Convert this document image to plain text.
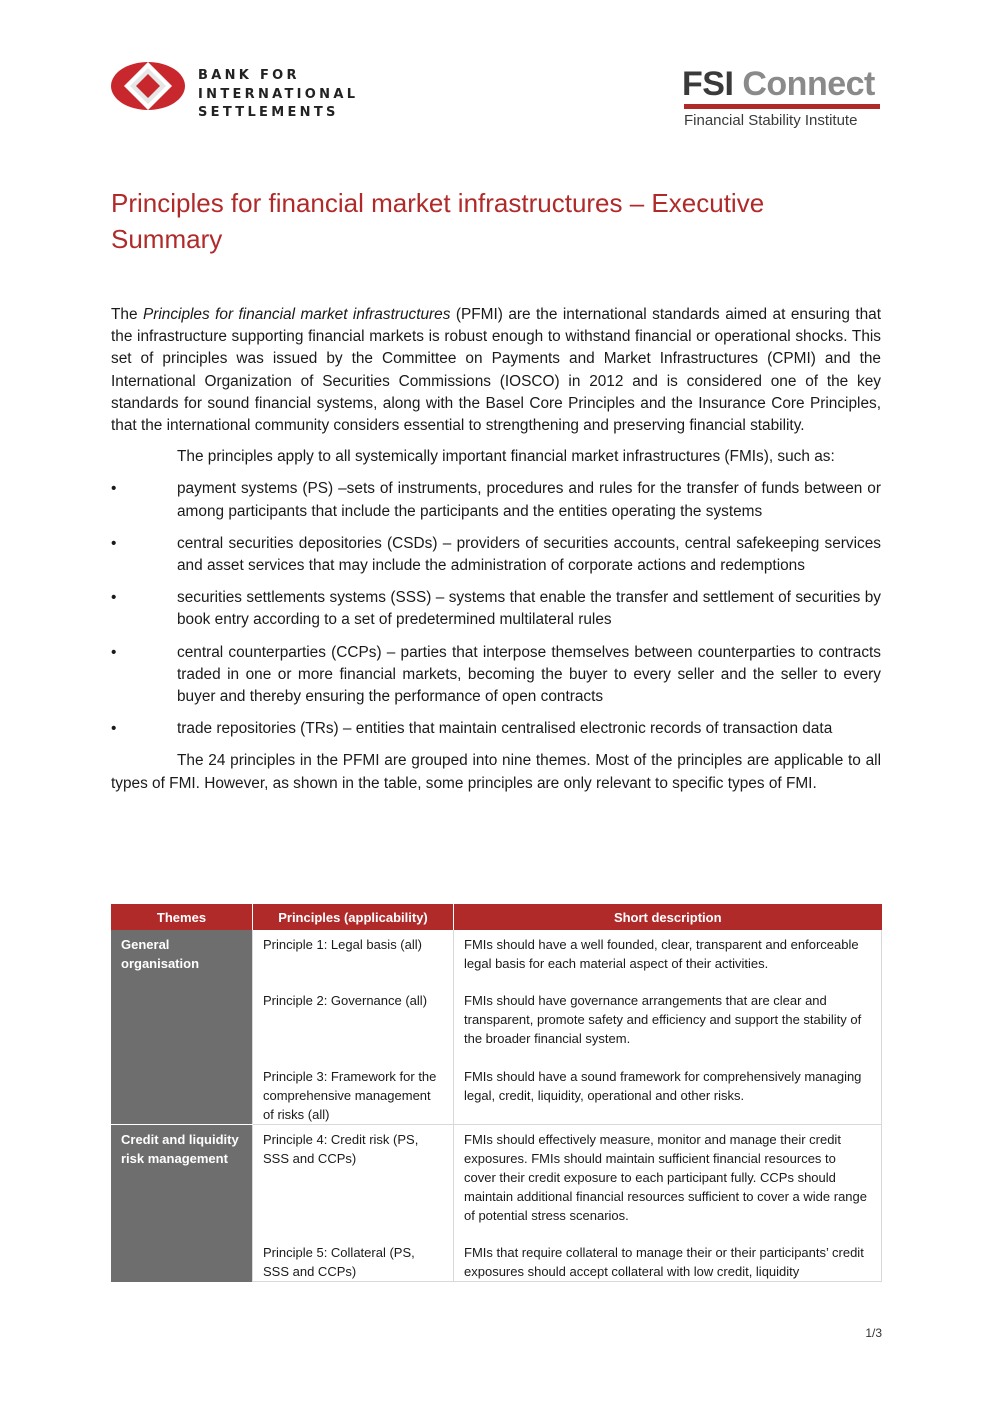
BANK FOR
INTERNATIONAL
SETTLEMENTS
FSI Connect
Financial Stability Institute
Principles for financial market infrastructures – Executive Summary

The Principles for financial market infrastructures (PFMI) are the international standards aimed at ensuring that the infrastructure supporting financial markets is robust enough to withstand financial or operational shocks. This set of principles was issued by the Committee on Payments and Market Infrastructures (CPMI) and the International Organization of Securities Commissions (IOSCO) in 2012 and is considered one of the key standards for sound financial systems, along with the Basel Core Principles and the Insurance Core Principles, that the international community considers essential to strengthening and preserving financial stability.

The principles apply to all systemically important financial market infrastructures (FMIs), such as:

•	payment systems (PS) –sets of instruments, procedures and rules for the transfer of funds between or among participants that include the participants and the entities operating the systems
•	central securities depositories (CSDs) – providers of securities accounts, central safekeeping services and asset services that may include the administration of corporate actions and redemptions
•	securities settlements systems (SSS) – systems that enable the transfer and settlement of securities by book entry according to a set of predetermined multilateral rules
•	central counterparties (CCPs) – parties that interpose themselves between counterparties to contracts traded in one or more financial markets, becoming the buyer to every seller and the seller to every buyer and thereby ensuring the performance of open contracts
•	trade repositories (TRs) – entities that maintain centralised electronic records of transaction data

The 24 principles in the PFMI are grouped into nine themes. Most of the principles are applicable to all types of FMI. However, as shown in the table, some principles are only relevant to specific types of FMI.

Themes	Principles (applicability)	Short description
General organisation	Principle 1: Legal basis (all)	FMIs should have a well founded, clear, transparent and enforceable legal basis for each material aspect of their activities.
	Principle 2: Governance (all)	FMIs should have governance arrangements that are clear and transparent, promote safety and efficiency and support the stability of the broader financial system.
	Principle 3: Framework for the comprehensive management of risks (all)	FMIs should have a sound framework for comprehensively managing legal, credit, liquidity, operational and other risks.
Credit and liquidity risk management	Principle 4: Credit risk (PS, SSS and CCPs)	FMIs should effectively measure, monitor and manage their credit exposures. FMIs should maintain sufficient financial resources to cover their credit exposure to each participant fully. CCPs should maintain additional financial resources sufficient to cover a wide range of potential stress scenarios.
	Principle 5: Collateral (PS, SSS and CCPs)	FMIs that require collateral to manage their or their participants’ credit exposures should accept collateral with low credit, liquidity
1/3
